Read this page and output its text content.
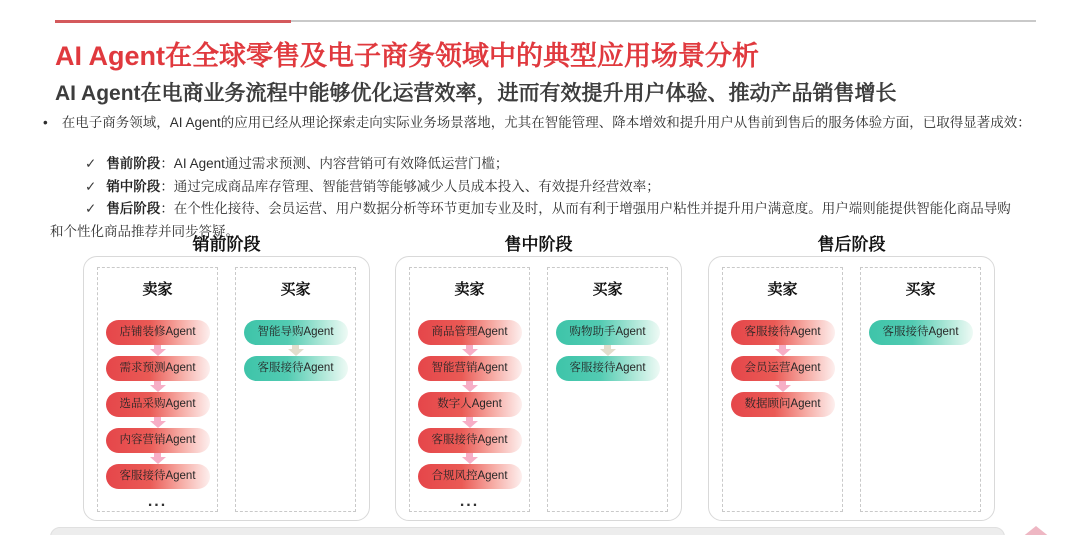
AI Agent在全球零售及电子商务领域中的典型应用场景分析
AI Agent在电商业务流程中能够优化运营效率，进而有效提升用户体验、推动产品销售增长
• 在电子商务领域，AI Agent的应用已经从理论探索走向实际业务场景落地，尤其在智能管理、降本增效和提升用户从售前到售后的服务体验方面，已取得显著成效：
✓ 售前阶段：AI Agent通过需求预测、内容营销可有效降低运营门槛；
✓ 销中阶段：通过完成商品库存管理、智能营销等能够减少人员成本投入、有效提升经营效率；
✓ 售后阶段：在个性化接待、会员运营、用户数据分析等环节更加专业及时，从而有利于增强用户粘性并提升用户满意度。用户端则能提供智能化商品导购
和个性化商品推荐并同步答疑。
销前阶段
卖家
店铺装修Agent
需求预测Agent
选品采购Agent
内容营销Agent
客服接待Agent
...
买家
智能导购Agent
客服接待Agent
售中阶段
卖家
商品管理Agent
智能营销Agent
数字人Agent
客服接待Agent
合规风控Agent
...
买家
购物助手Agent
客服接待Agent
售后阶段
卖家
客服接待Agent
会员运营Agent
数据顾问Agent
买家
客服接待Agent
